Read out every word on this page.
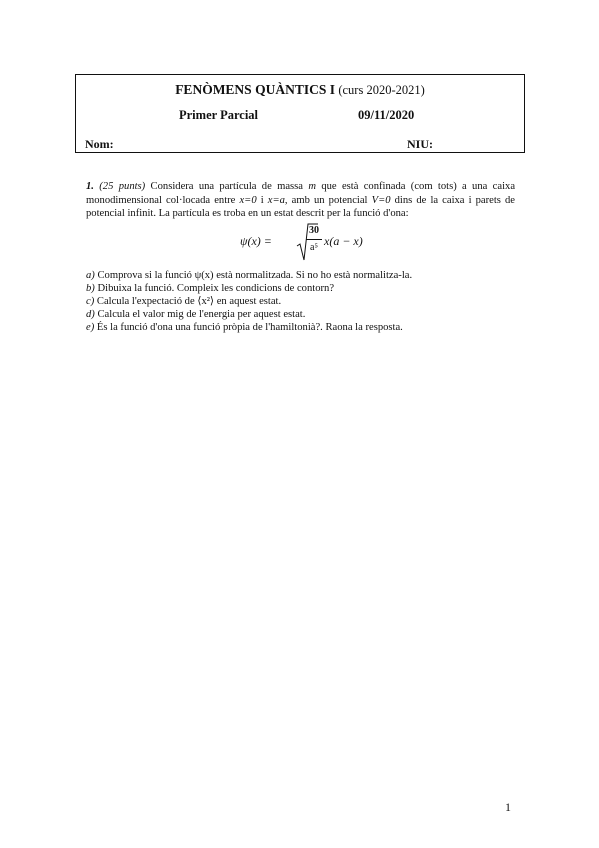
FENÒMENS QUÀNTICS I (curs 2020-2021)
Primer Parcial	09/11/2020
Nom:	NIU:
1. (25 punts) Considera una partícula de massa m que està confinada (com tots) a una caixa monodimensional col·locada entre x=0 i x=a, amb un potencial V=0 dins de la caixa i parets de potencial infinit. La partícula es troba en un estat descrit per la funció d'ona:
ψ(x) =
30
a⁵ x(a − x)
a) Comprova si la funció ψ(x) està normalitzada. Si no ho està normalitza-la.
b) Dibuixa la funció. Compleix les condicions de contorn?
c) Calcula l'expectació de ⟨x²⟩ en aquest estat.
d) Calcula el valor mig de l'energia per aquest estat.
e) És la funció d'ona una funció pròpia de l'hamiltonià?. Raona la resposta.
1
